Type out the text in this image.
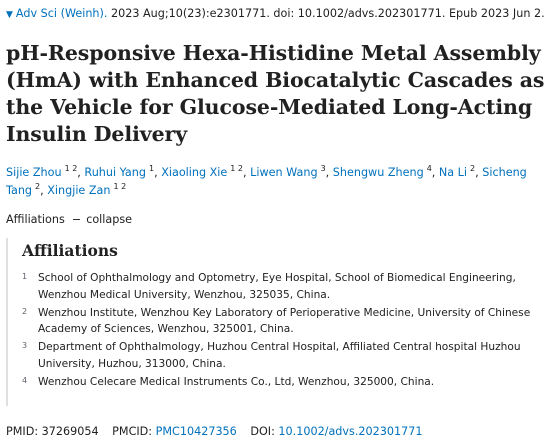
▼ Adv Sci (Weinh). 2023 Aug;10(23):e2301771. doi: 10.1002/advs.202301771. Epub 2023 Jun 2.
pH-Responsive Hexa-Histidine Metal Assembly (HmA) with Enhanced Biocatalytic Cascades as the Vehicle for Glucose-Mediated Long-Acting Insulin Delivery
Sijie Zhou $^{1 2}$, Ruhui Yang $^1$, Xiaoling Xie $^{1 2}$, Liwen Wang $^3$, Shengwu Zheng $^4$, Na Li $^2$, Sicheng Tang $^2$, Xingjie Zan $^{1 2}$
Affiliations − collapse
Affiliations
1	School of Ophthalmology and Optometry, Eye Hospital, School of Biomedical Engineering, Wenzhou Medical University, Wenzhou, 325035, China.
2	Wenzhou Institute, Wenzhou Key Laboratory of Perioperative Medicine, University of Chinese Academy of Sciences, Wenzhou, 325001, China.
3	Department of Ophthalmology, Huzhou Central Hospital, Affiliated Central hospital Huzhou University, Huzhou, 313000, China.
4	Wenzhou Celecare Medical Instruments Co., Ltd, Wenzhou, 325000, China.
PMID: 37269054 PMCID: PMC10427356 DOI: 10.1002/advs.202301771
